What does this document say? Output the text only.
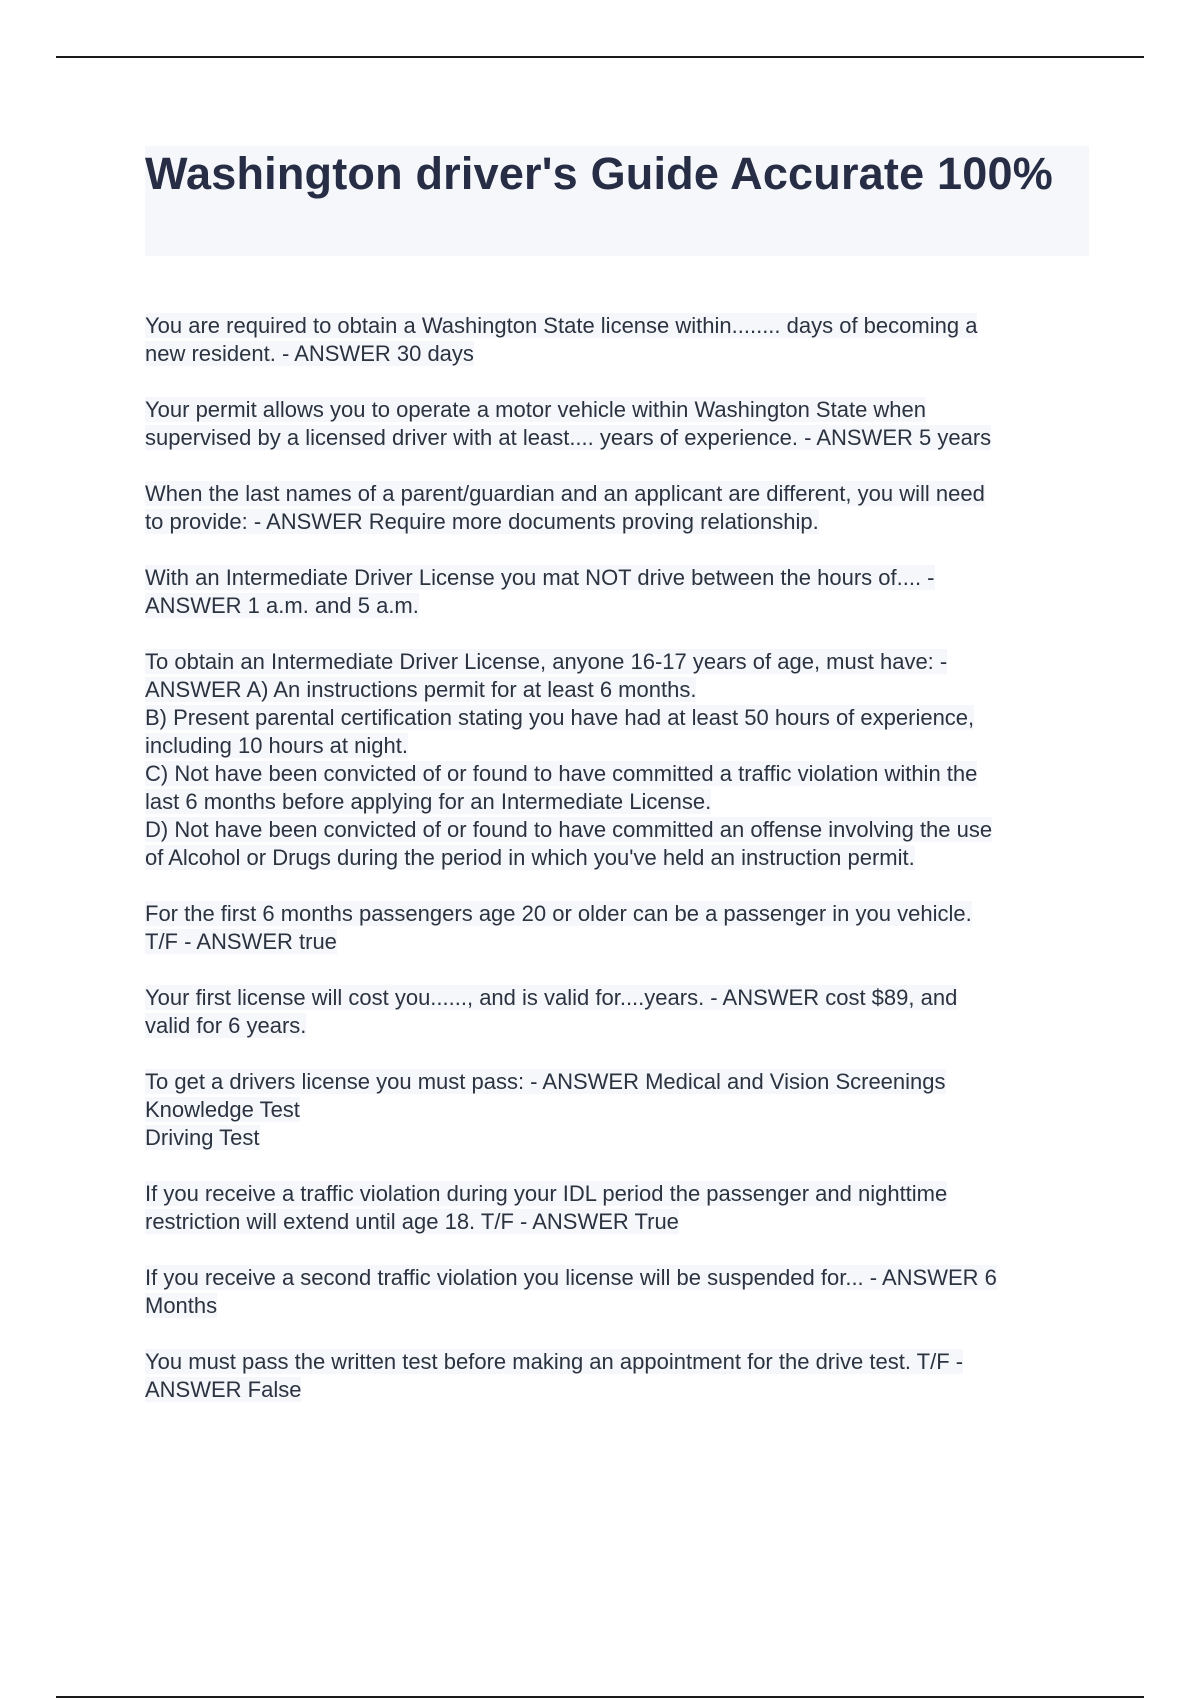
Washington driver's Guide Accurate 100%
You are required to obtain a Washington State license within........ days of becoming a
new resident. - ANSWER 30 days
Your permit allows you to operate a motor vehicle within Washington State when
supervised by a licensed driver with at least.... years of experience. - ANSWER 5 years
When the last names of a parent/guardian and an applicant are different, you will need
to provide: - ANSWER Require more documents proving relationship.
With an Intermediate Driver License you mat NOT drive between the hours of.... -
ANSWER 1 a.m. and 5 a.m.
To obtain an Intermediate Driver License, anyone 16-17 years of age, must have: -
ANSWER A) An instructions permit for at least 6 months.
B) Present parental certification stating you have had at least 50 hours of experience,
including 10 hours at night.
C) Not have been convicted of or found to have committed a traffic violation within the
last 6 months before applying for an Intermediate License.
D) Not have been convicted of or found to have committed an offense involving the use
of Alcohol or Drugs during the period in which you've held an instruction permit.
For the first 6 months passengers age 20 or older can be a passenger in you vehicle.
T/F - ANSWER true
Your first license will cost you......, and is valid for....years. - ANSWER cost $89, and
valid for 6 years.
To get a drivers license you must pass: - ANSWER Medical and Vision Screenings
Knowledge Test
Driving Test
If you receive a traffic violation during your IDL period the passenger and nighttime
restriction will extend until age 18. T/F - ANSWER True
If you receive a second traffic violation you license will be suspended for... - ANSWER 6
Months
You must pass the written test before making an appointment for the drive test. T/F -
ANSWER False
